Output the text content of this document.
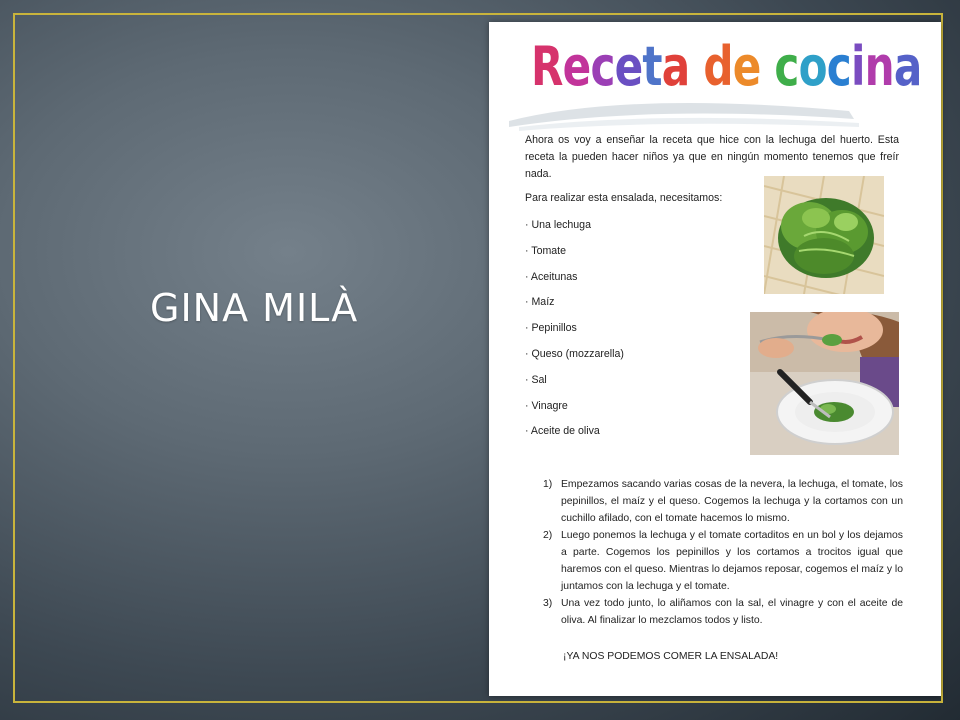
GINA MILÀ
Receta de cocina
Ahora os voy a enseñar la receta que hice con la lechuga del huerto. Esta receta la pueden hacer niños ya que en ningún momento tenemos que freír nada.
Para realizar esta ensalada, necesitamos:
· Una lechuga
· Tomate
· Aceitunas
· Maíz
· Pepinillos
· Queso (mozzarella)
· Sal
· Vinagre
· Aceite de oliva
1) Empezamos sacando varias cosas de la nevera, la lechuga, el tomate, los pepinillos, el maíz y el queso. Cogemos la lechuga y la cortamos con un cuchillo afilado, con el tomate hacemos lo mismo.
2) Luego ponemos la lechuga y el tomate cortaditos en un bol y los dejamos a parte. Cogemos los pepinillos y los cortamos a trocitos igual que haremos con el queso. Mientras lo dejamos reposar, cogemos el maíz y lo juntamos con la lechuga y el tomate.
3) Una vez todo junto, lo aliñamos con la sal, el vinagre y con el aceite de oliva. Al finalizar lo mezclamos todos y listo.
¡YA NOS PODEMOS COMER LA ENSALADA!
